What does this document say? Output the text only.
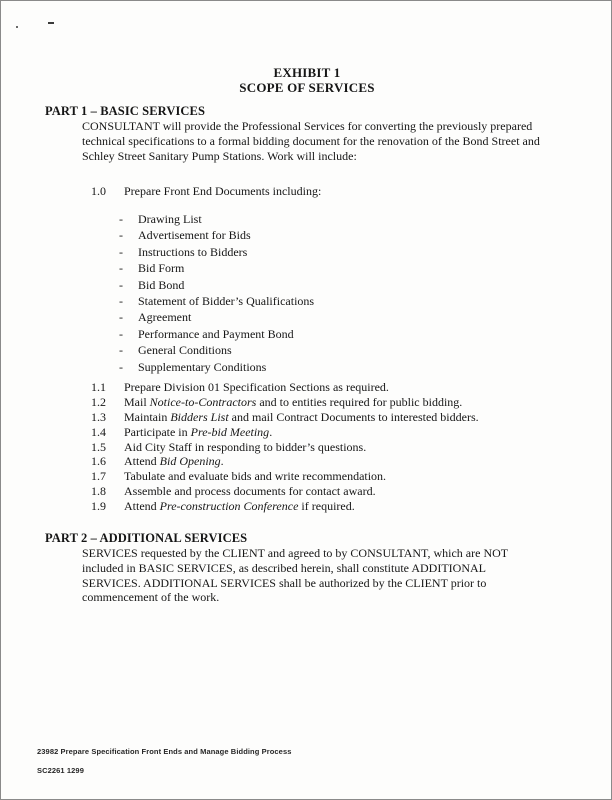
EXHIBIT 1
SCOPE OF SERVICES
PART 1 – BASIC SERVICES
CONSULTANT will provide the Professional Services for converting the previously prepared
technical specifications to a formal bidding document for the renovation of the Bond Street and
Schley Street Sanitary Pump Stations. Work will include:
1.0	Prepare Front End Documents including:
-	Drawing List
-	Advertisement for Bids
-	Instructions to Bidders
-	Bid Form
-	Bid Bond
-	Statement of Bidder’s Qualifications
-	Agreement
-	Performance and Payment Bond
-	General Conditions
-	Supplementary Conditions
1.1	Prepare Division 01 Specification Sections as required.
1.2	Mail Notice-to-Contractors and to entities required for public bidding.
1.3	Maintain Bidders List and mail Contract Documents to interested bidders.
1.4	Participate in Pre-bid Meeting.
1.5	Aid City Staff in responding to bidder’s questions.
1.6	Attend Bid Opening.
1.7	Tabulate and evaluate bids and write recommendation.
1.8	Assemble and process documents for contact award.
1.9	Attend Pre-construction Conference if required.
PART 2 – ADDITIONAL SERVICES
SERVICES requested by the CLIENT and agreed to by CONSULTANT, which are NOT
included in BASIC SERVICES, as described herein, shall constitute ADDITIONAL
SERVICES. ADDITIONAL SERVICES shall be authorized by the CLIENT prior to
commencement of the work.
23982 Prepare Specification Front Ends and Manage Bidding Process
SC2261 1299
